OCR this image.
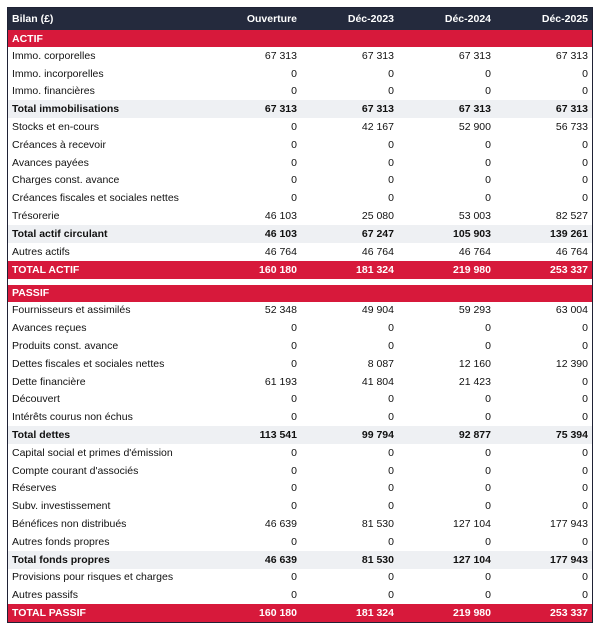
Bilan (£)	Ouverture	Déc-2023	Déc-2024	Déc-2025
ACTIF				
Immo. corporelles	67 313	67 313	67 313	67 313
Immo. incorporelles	0	0	0	0
Immo. financières	0	0	0	0
Total immobilisations	67 313	67 313	67 313	67 313
Stocks et en-cours	0	42 167	52 900	56 733
Créances à recevoir	0	0	0	0
Avances payées	0	0	0	0
Charges const. avance	0	0	0	0
Créances fiscales et sociales nettes	0	0	0	0
Trésorerie	46 103	25 080	53 003	82 527
Total actif circulant	46 103	67 247	105 903	139 261
Autres actifs	46 764	46 764	46 764	46 764
TOTAL ACTIF	160 180	181 324	219 980	253 337

PASSIF				
Fournisseurs et assimilés	52 348	49 904	59 293	63 004
Avances reçues	0	0	0	0
Produits const. avance	0	0	0	0
Dettes fiscales et sociales nettes	0	8 087	12 160	12 390
Dette financière	61 193	41 804	21 423	0
Découvert	0	0	0	0
Intérêts courus non échus	0	0	0	0
Total dettes	113 541	99 794	92 877	75 394
Capital social et primes d'émission	0	0	0	0
Compte courant d'associés	0	0	0	0
Réserves	0	0	0	0
Subv. investissement	0	0	0	0
Bénéfices non distribués	46 639	81 530	127 104	177 943
Autres fonds propres	0	0	0	0
Total fonds propres	46 639	81 530	127 104	177 943
Provisions pour risques et charges	0	0	0	0
Autres passifs	0	0	0	0
TOTAL PASSIF	160 180	181 324	219 980	253 337
